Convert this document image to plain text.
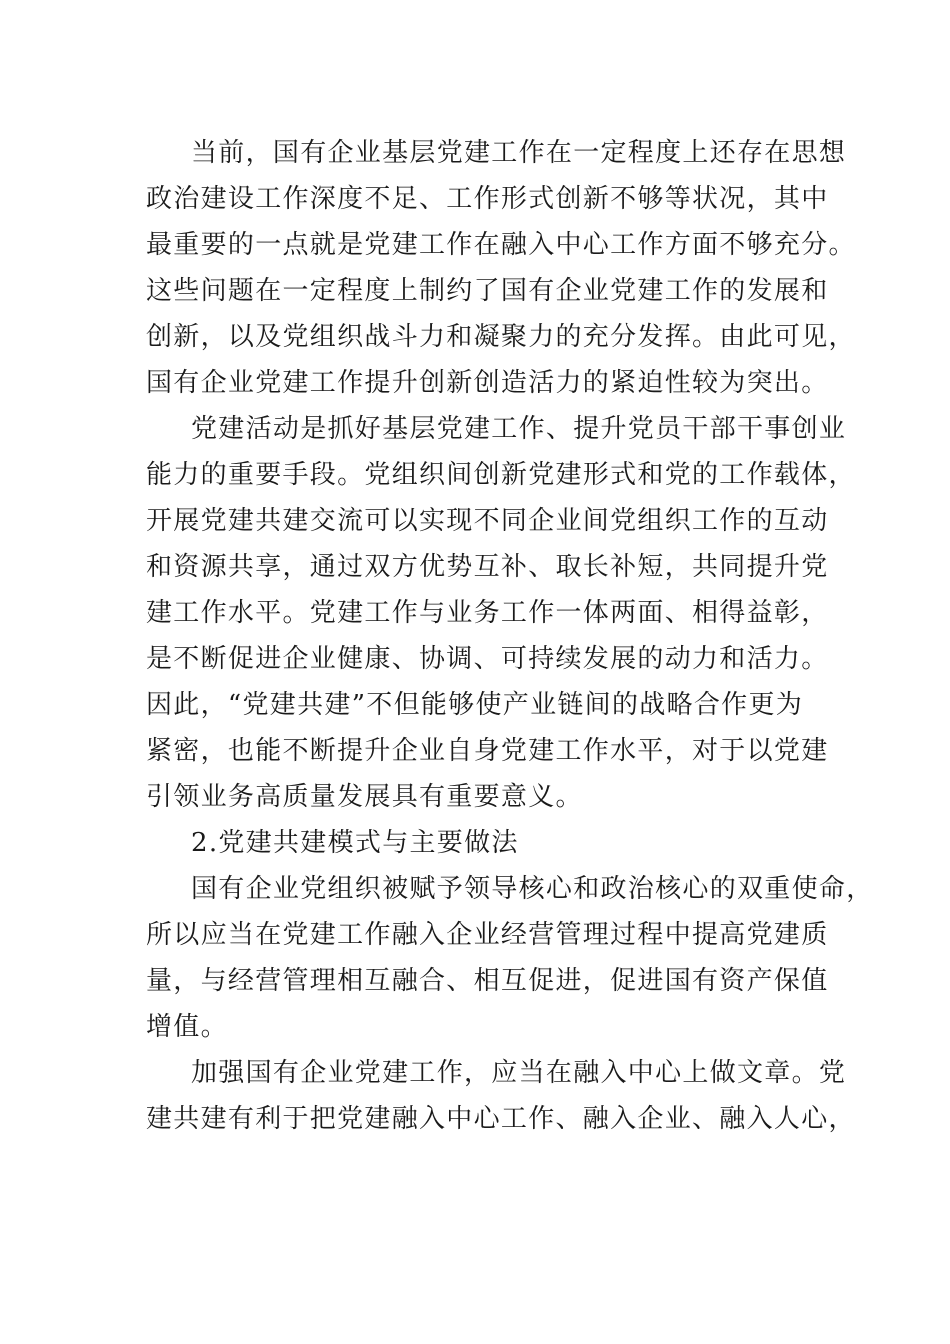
当前，国有企业基层党建工作在一定程度上还存在思想
政治建设工作深度不足、工作形式创新不够等状况，其中
最重要的一点就是党建工作在融入中心工作方面不够充分。
这些问题在一定程度上制约了国有企业党建工作的发展和
创新，以及党组织战斗力和凝聚力的充分发挥。由此可见，
国有企业党建工作提升创新创造活力的紧迫性较为突出。
党建活动是抓好基层党建工作、提升党员干部干事创业
能力的重要手段。党组织间创新党建形式和党的工作载体，
开展党建共建交流可以实现不同企业间党组织工作的互动
和资源共享，通过双方优势互补、取长补短，共同提升党
建工作水平。党建工作与业务工作一体两面、相得益彰，
是不断促进企业健康、协调、可持续发展的动力和活力。
因此，“党建共建”不但能够使产业链间的战略合作更为
紧密，也能不断提升企业自身党建工作水平，对于以党建
引领业务高质量发展具有重要意义。
2.党建共建模式与主要做法
国有企业党组织被赋予领导核心和政治核心的双重使命，
所以应当在党建工作融入企业经营管理过程中提高党建质
量，与经营管理相互融合、相互促进，促进国有资产保值
增值。
加强国有企业党建工作，应当在融入中心上做文章。党
建共建有利于把党建融入中心工作、融入企业、融入人心，
